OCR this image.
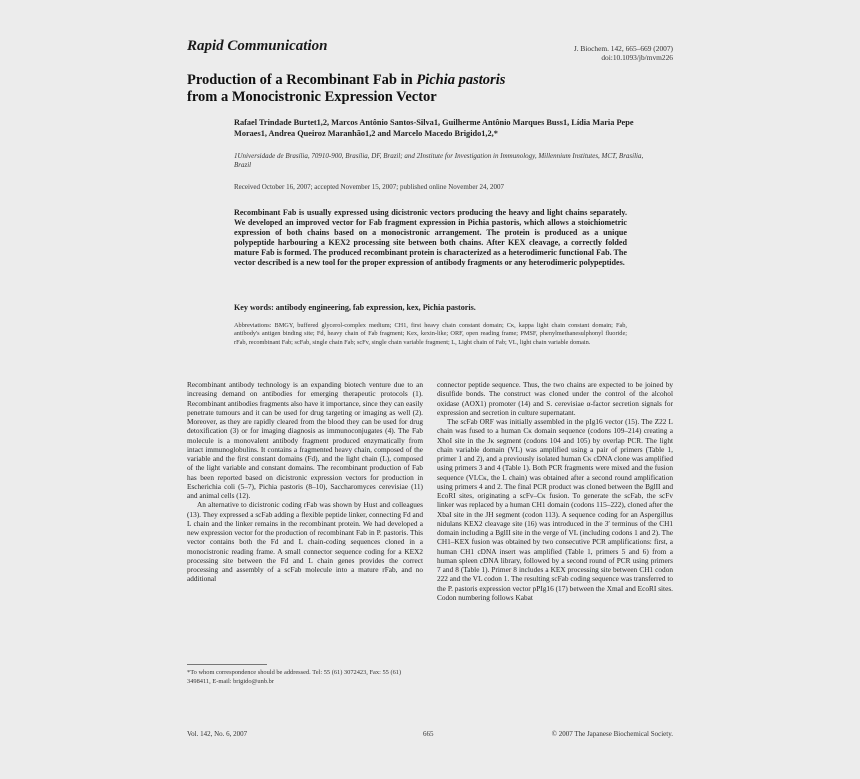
Rapid Communication	J. Biochem. 142, 665–669 (2007)
doi:10.1093/jb/mvm226
Production of a Recombinant Fab in Pichia pastoris
from a Monocistronic Expression Vector
Rafael Trindade Burtet1,2, Marcos Antônio Santos-Silva1, Guilherme Antônio Marques Buss1, Lídia Maria Pepe Moraes1, Andrea Queiroz Maranhão1,2 and Marcelo Macedo Brigido1,2,*
1Universidade de Brasília, 70910-900, Brasília, DF, Brazil; and 2Institute for Investigation in Immunology, Millennium Institutes, MCT, Brasília, Brazil
Received October 16, 2007; accepted November 15, 2007; published online November 24, 2007
Recombinant Fab is usually expressed using dicistronic vectors producing the heavy and light chains separately. We developed an improved vector for Fab fragment expression in Pichia pastoris, which allows a stoichiometric expression of both chains based on a monocistronic arrangement. The protein is produced as a unique polypeptide harbouring a KEX2 processing site between both chains. After KEX cleavage, a correctly folded mature Fab is formed. The produced recombinant protein is characterized as a heterodimeric functional Fab. The vector described is a new tool for the proper expression of antibody fragments or any heterodimeric polypeptides.
Key words: antibody engineering, fab expression, kex, Pichia pastoris.
Abbreviations: BMGY, buffered glycerol-complex medium; CH1, first heavy chain constant domain; Cκ, kappa light chain constant domain; Fab, antibody's antigen binding site; Fd, heavy chain of Fab fragment; Kex, kexin-like; ORF, open reading frame; PMSF, phenylmethanesulphonyl fluoride; rFab, recombinant Fab; scFab, single chain Fab; scFv, single chain variable fragment; L, Light chain of Fab; VL, light chain variable domain.

Recombinant antibody technology is an expanding biotech venture due to an increasing demand on antibodies for emerging therapeutic protocols (1). Recombinant antibodies fragments also have it importance, since they can easily penetrate tumours and it can be used for drug targeting or imaging as well (2). Moreover, as they are rapidly cleared from the blood they can be used for drug detoxification (3) or for imaging diagnosis as immunoconjugates (4). The Fab molecule is a monovalent antibody fragment produced enzymatically from intact immunoglobulins. It contains a fragmented heavy chain, composed of the variable and the first constant domains (Fd), and the light chain (L), composed of the light variable and constant domains. The recombinant production of Fab has been reported based on dicistronic expression vectors for production in Escherichia coli (5–7), Pichia pastoris (8–10), Saccharomyces cerevisiae (11) and animal cells (12).

An alternative to dicistronic coding rFab was shown by Hust and colleagues (13). They expressed a scFab adding a flexible peptide linker, connecting Fd and L chain and the linker remains in the recombinant protein. We had developed a new expression vector for the production of recombinant Fab in P. pastoris. This vector contains both the Fd and L chain-coding sequences cloned in a monocistronic reading frame. A small connector sequence coding for a KEX2 processing site between the Fd and L chain genes provides the correct processing and assembly of a scFab molecule into a mature rFab, and no additional

connector peptide sequence. Thus, the two chains are expected to be joined by disulfide bonds. The construct was cloned under the control of the alcohol oxidase (AOX1) promoter (14) and S. cerevisiae α-factor secretion signals for expression and secretion in culture supernatant.

The scFab ORF was initially assembled in the pIg16 vector (15). The Z22 L chain was fused to a human Cκ domain sequence (codons 109–214) creating a XhoI site in the Jκ segment (codons 104 and 105) by overlap PCR. The light chain variable domain (VL) was amplified using a pair of primers (Table 1, primer 1 and 2), and a previously isolated human Cκ cDNA clone was amplified using primers 3 and 4 (Table 1). Both PCR fragments were mixed and the fusion sequence (VLCκ, the L chain) was obtained after a second round amplification using primers 4 and 2. The final PCR product was cloned between the BglII and EcoRI sites, originating a scFv–Cκ fusion. To generate the scFab, the scFv linker was replaced by a human CH1 domain (codons 115–222), cloned after the XbaI site in the JH segment (codon 113). A sequence coding for an Aspergillus nidulans KEX2 cleavage site (16) was introduced in the 3′ terminus of the CH1 domain including a BglII site in the verge of VL (including codons 1 and 2). The CH1–KEX fusion was obtained by two consecutive PCR amplifications: first, a human CH1 cDNA insert was amplified (Table 1, primers 5 and 6) from a human spleen cDNA library, followed by a second round of PCR using primers 7 and 8 (Table 1). Primer 8 includes a KEX processing site between CH1 codon 222 and the VL codon 1. The resulting scFab coding sequence was transferred to the P. pastoris expression vector pPIg16 (17) between the XmaI and EcoRI sites. Codon numbering follows Kabat

*To whom correspondence should be addressed. Tel: 55 (61) 3072423, Fax: 55 (61) 3498411, E-mail: brigido@unb.br
Vol. 142, No. 6, 2007	665	© 2007 The Japanese Biochemical Society.
